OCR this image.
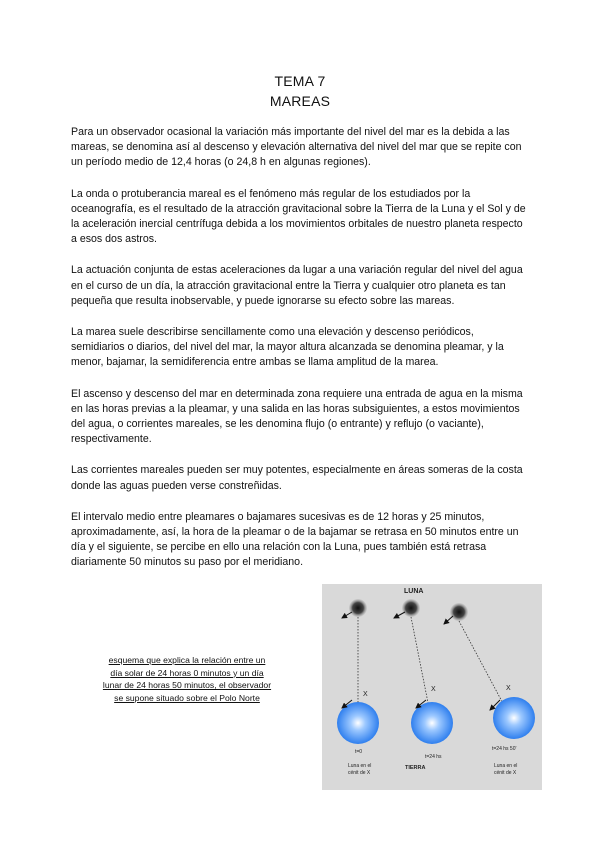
TEMA 7
MAREAS

Para un observador ocasional la variación más importante del nivel del mar es la debida a las mareas, se denomina así al descenso y elevación alternativa del nivel del mar que se repite con un período medio de 12,4 horas (o 24,8 h en algunas regiones).

La onda o protuberancia mareal es el fenómeno más regular de los estudiados por la oceanografía, es el resultado de la atracción gravitacional sobre la Tierra de la Luna y el Sol y de la aceleración inercial centrífuga debida a los movimientos orbitales de nuestro planeta respecto a esos dos astros.

La actuación conjunta de estas aceleraciones da lugar a una variación regular del nivel del agua en el curso de un día, la atracción gravitacional entre la Tierra y cualquier otro planeta es tan pequeña que resulta inobservable, y puede ignorarse su efecto sobre las mareas.

La marea suele describirse sencillamente como una elevación y descenso periódicos, semidiarios o diarios, del nivel del mar, la mayor altura alcanzada se denomina pleamar, y la menor, bajamar, la semidiferencia entre ambas se llama amplitud de la marea.

El ascenso y descenso del mar en determinada zona requiere una entrada de agua en la misma en las horas previas a la pleamar, y una salida en las horas subsiguientes, a estos movimientos del agua, o corrientes mareales, se les denomina flujo (o entrante) y reflujo (o vaciante), respectivamente.

Las corrientes mareales pueden ser muy potentes, especialmente en áreas someras de la costa donde las aguas pueden verse constreñidas.

El intervalo medio entre pleamares o bajamares sucesivas es de 12 horas y 25 minutos, aproximadamente, así, la hora de la pleamar o de la bajamar se retrasa en 50 minutos entre un día y el siguiente, se percibe en ello una relación con la Luna, pues también está retrasa diariamente 50 minutos su paso por el meridiano.

esquema que explica la relación entre un
día solar de 24 horas 0 minutos y un día
lunar de 24 horas 50 minutos, el observador
se supone situado sobre el Polo Norte
LUNA
X
X	X
t=0
t=24 hs
t=24 hs 50'
Luna en el
cénit de X
TIERRA	Luna en el
cénit de X
